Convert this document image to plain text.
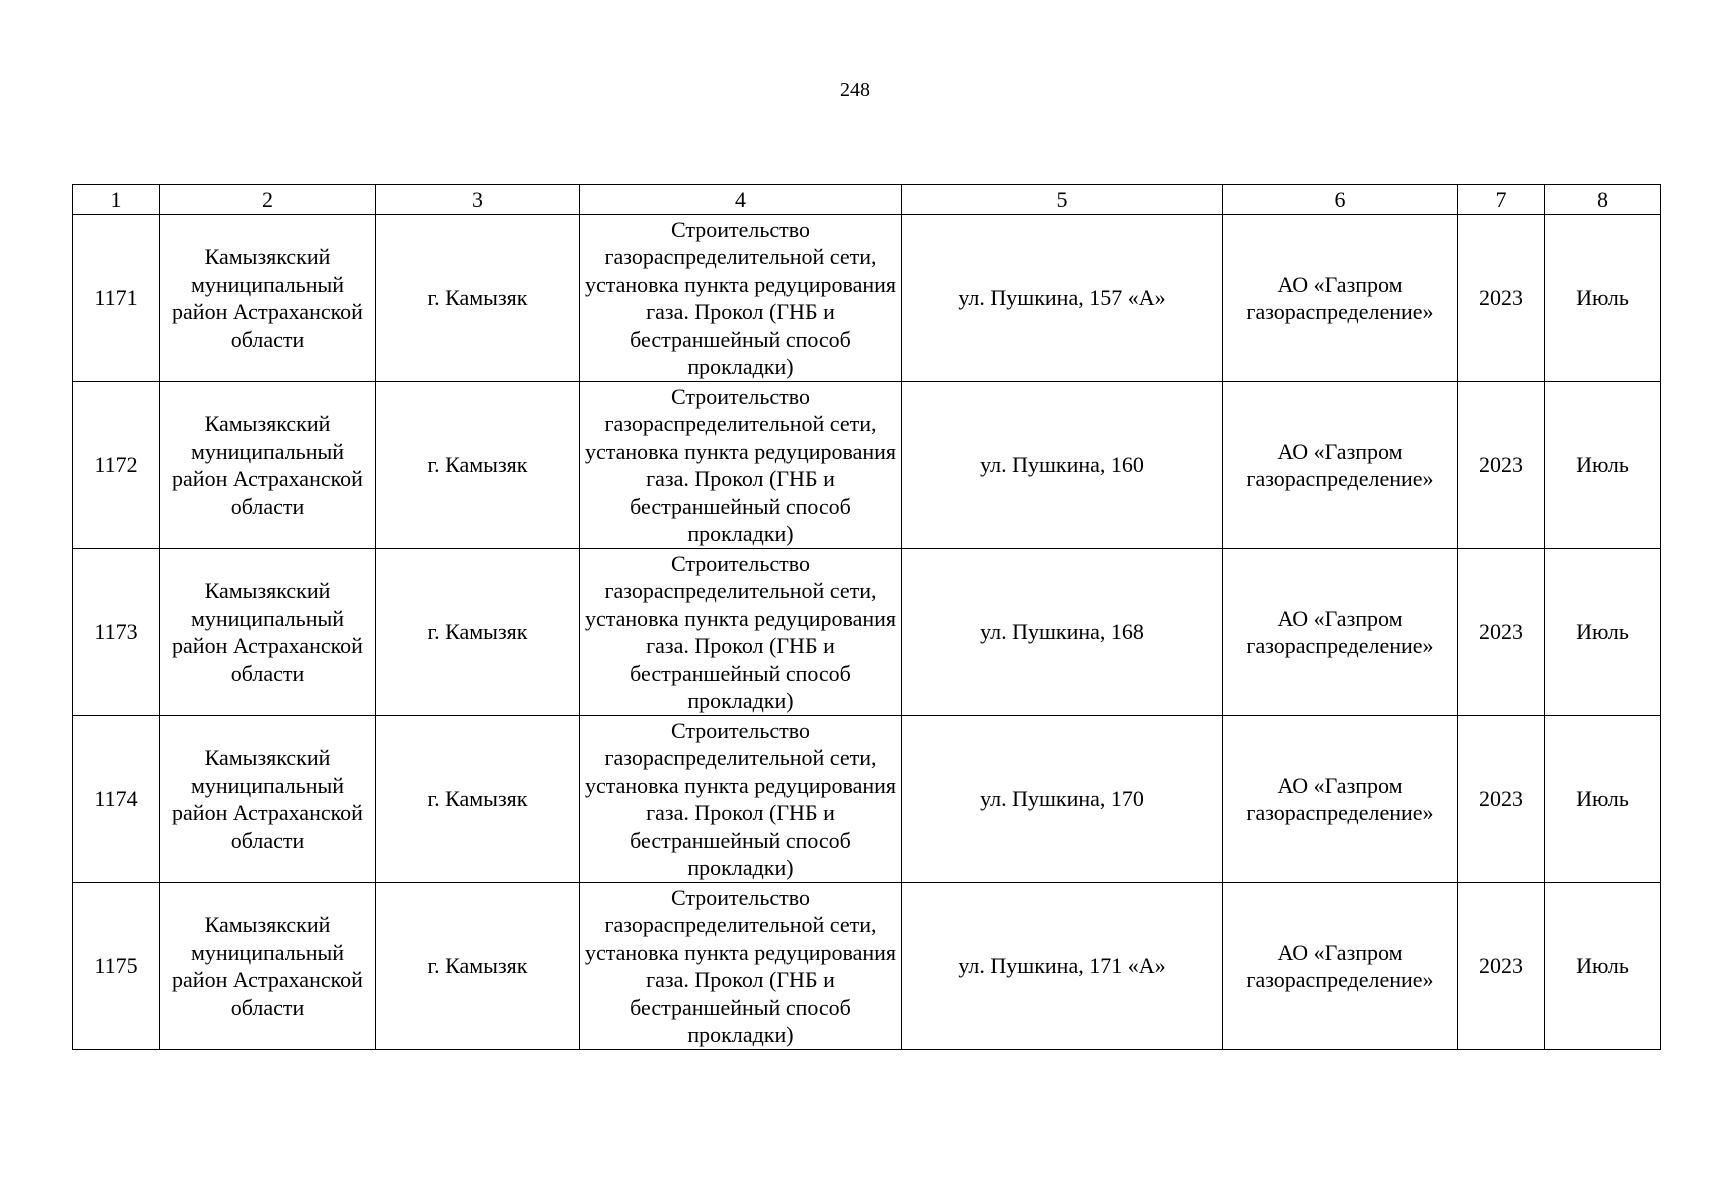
248
1	2	3	4	5	6	7	8
1171	Камызякский муниципальный район Астраханской области	г. Камызяк	Строительство газораспределительной сети, установка пункта редуцирования газа. Прокол (ГНБ и бестраншейный способ прокладки)	ул. Пушкина, 157 «А»	АО «Газпром газораспределение»	2023	Июль
1172	Камызякский муниципальный район Астраханской области	г. Камызяк	Строительство газораспределительной сети, установка пункта редуцирования газа. Прокол (ГНБ и бестраншейный способ прокладки)	ул. Пушкина, 160	АО «Газпром газораспределение»	2023	Июль
1173	Камызякский муниципальный район Астраханской области	г. Камызяк	Строительство газораспределительной сети, установка пункта редуцирования газа. Прокол (ГНБ и бестраншейный способ прокладки)	ул. Пушкина, 168	АО «Газпром газораспределение»	2023	Июль
1174	Камызякский муниципальный район Астраханской области	г. Камызяк	Строительство газораспределительной сети, установка пункта редуцирования газа. Прокол (ГНБ и бестраншейный способ прокладки)	ул. Пушкина, 170	АО «Газпром газораспределение»	2023	Июль
1175	Камызякский муниципальный район Астраханской области	г. Камызяк	Строительство газораспределительной сети, установка пункта редуцирования газа. Прокол (ГНБ и бестраншейный способ прокладки)	ул. Пушкина, 171 «А»	АО «Газпром газораспределение»	2023	Июль
